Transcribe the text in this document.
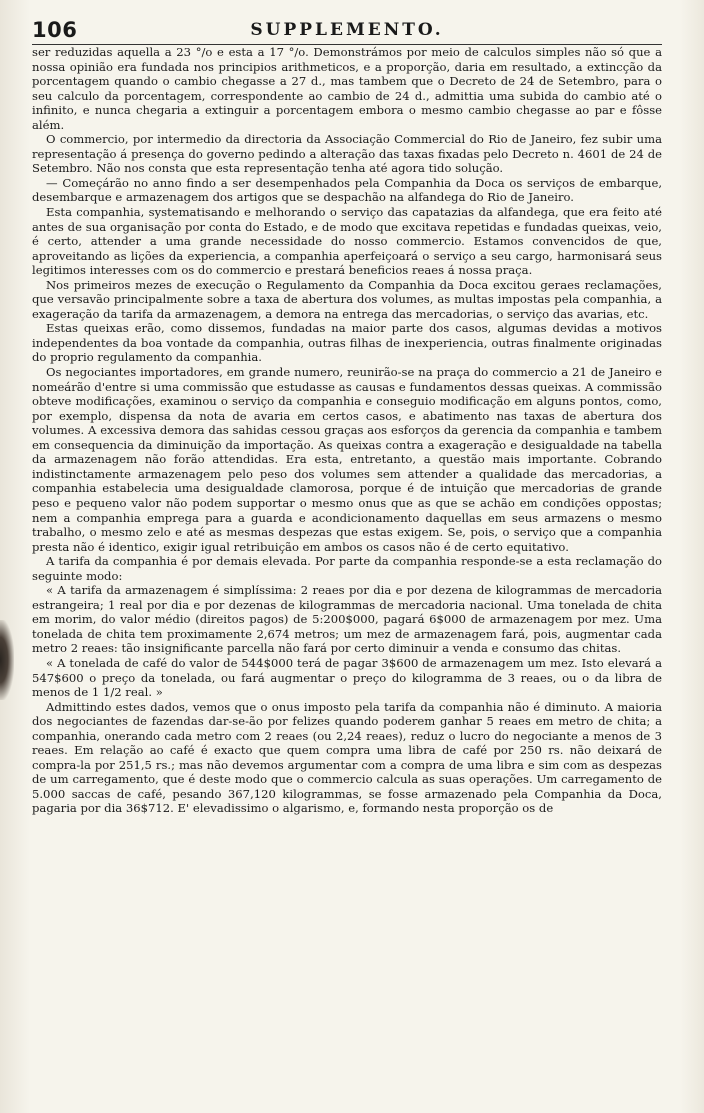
106	SUPPLEMENTO.

ser reduzidas aquella a 23 °/o e esta a 17 °/o. Demonstrámos por meio de calculos simples não só que a nossa opinião era fundada nos principios arithmeticos, e a proporção, daria em resultado, a extincção da porcentagem quando o cambio chegasse a 27 d., mas tambem que o Decreto de 24 de Setembro, para o seu calculo da porcentagem, correspondente ao cambio de 24 d., admittia uma subida do cambio até o infinito, e nunca chegaria a extinguir a porcentagem embora o mesmo cambio chegasse ao par e fôsse além.

O commercio, por intermedio da directoria da Associação Commercial do Rio de Janeiro, fez subir uma representação á presença do governo pedindo a alteração das taxas fixadas pelo Decreto n. 4601 de 24 de Setembro. Não nos consta que esta representação tenha até agora tido solução.

— Começárão no anno findo a ser desempenhados pela Companhia da Doca os serviços de embarque, desembarque e armazenagem dos artigos que se despachão na alfandega do Rio de Janeiro.

Esta companhia, systematisando e melhorando o serviço das capatazias da alfandega, que era feito até antes de sua organisação por conta do Estado, e de modo que excitava repetidas e fundadas queixas, veio, é certo, attender a uma grande necessidade do nosso commercio. Estamos convencidos de que, aproveitando as lições da experiencia, a companhia aperfeiçoará o serviço a seu cargo, harmonisará seus legitimos interesses com os do commercio e prestará beneficios reaes á nossa praça.

Nos primeiros mezes de execução o Regulamento da Companhia da Doca excitou geraes reclamações, que versavão principalmente sobre a taxa de abertura dos volumes, as multas impostas pela companhia, a exageração da tarifa da armazenagem, a demora na entrega das mercadorias, o serviço das avarias, etc.

Estas queixas erão, como dissemos, fundadas na maior parte dos casos, algumas devidas a motivos independentes da boa vontade da companhia, outras filhas de inexperiencia, outras finalmente originadas do proprio regulamento da companhia.

Os negociantes importadores, em grande numero, reunirão-se na praça do commercio a 21 de Janeiro e nomeárão d'entre si uma commissão que estudasse as causas e fundamentos dessas queixas. A commissão obteve modificações, examinou o serviço da companhia e conseguio modificação em alguns pontos, como, por exemplo, dispensa da nota de avaria em certos casos, e abatimento nas taxas de abertura dos volumes. A excessiva demora das sahidas cessou graças aos esforços da gerencia da companhia e tambem em consequencia da diminuição da importação. As queixas contra a exageração e desigualdade na tabella da armazenagem não forão attendidas. Era esta, entretanto, a questão mais importante. Cobrando indistinctamente armazenagem pelo peso dos volumes sem attender a qualidade das mercadorias, a companhia estabelecia uma desigualdade clamorosa, porque é de intuição que mercadorias de grande peso e pequeno valor não podem supportar o mesmo onus que as que se achão em condições oppostas; nem a companhia emprega para a guarda e acondicionamento daquellas em seus armazens o mesmo trabalho, o mesmo zelo e até as mesmas despezas que estas exigem. Se, pois, o serviço que a companhia presta não é identico, exigir igual retribuição em ambos os casos não é de certo equitativo.

A tarifa da companhia é por demais elevada. Por parte da companhia responde-se a esta reclamação do seguinte modo:

« A tarifa da armazenagem é simplíssima: 2 reaes por dia e por dezena de kilogrammas de mercadoria estrangeira; 1 real por dia e por dezenas de kilogrammas de mercadoria nacional. Uma tonelada de chita em morim, do valor médio (direitos pagos) de 5:200$000, pagará 6$000 de armazenagem por mez. Uma tonelada de chita tem proximamente 2,674 metros; um mez de armazenagem fará, pois, augmentar cada metro 2 reaes: tão insignificante parcella não fará por certo diminuir a venda e consumo das chitas.

« A tonelada de café do valor de 544$000 terá de pagar 3$600 de armazenagem um mez. Isto elevará a 547$600 o preço da tonelada, ou fará augmentar o preço do kilogramma de 3 reaes, ou o da libra de menos de 1 1/2 real. »

Admittindo estes dados, vemos que o onus imposto pela tarifa da companhia não é diminuto. A maioria dos negociantes de fazendas dar-se-ão por felizes quando poderem ganhar 5 reaes em metro de chita; a companhia, onerando cada metro com 2 reaes (ou 2,24 reaes), reduz o lucro do negociante a menos de 3 reaes. Em relação ao café é exacto que quem compra uma libra de café por 250 rs. não deixará de compra-la por 251,5 rs.; mas não devemos argumentar com a compra de uma libra e sim com as despezas de um carregamento, que é deste modo que o commercio calcula as suas operações. Um carregamento de 5.000 saccas de café, pesando 367,120 kilogrammas, se fosse armazenado pela Companhia da Doca, pagaria por dia 36$712. E' elevadissimo o algarismo, e, formando nesta proporção os de
